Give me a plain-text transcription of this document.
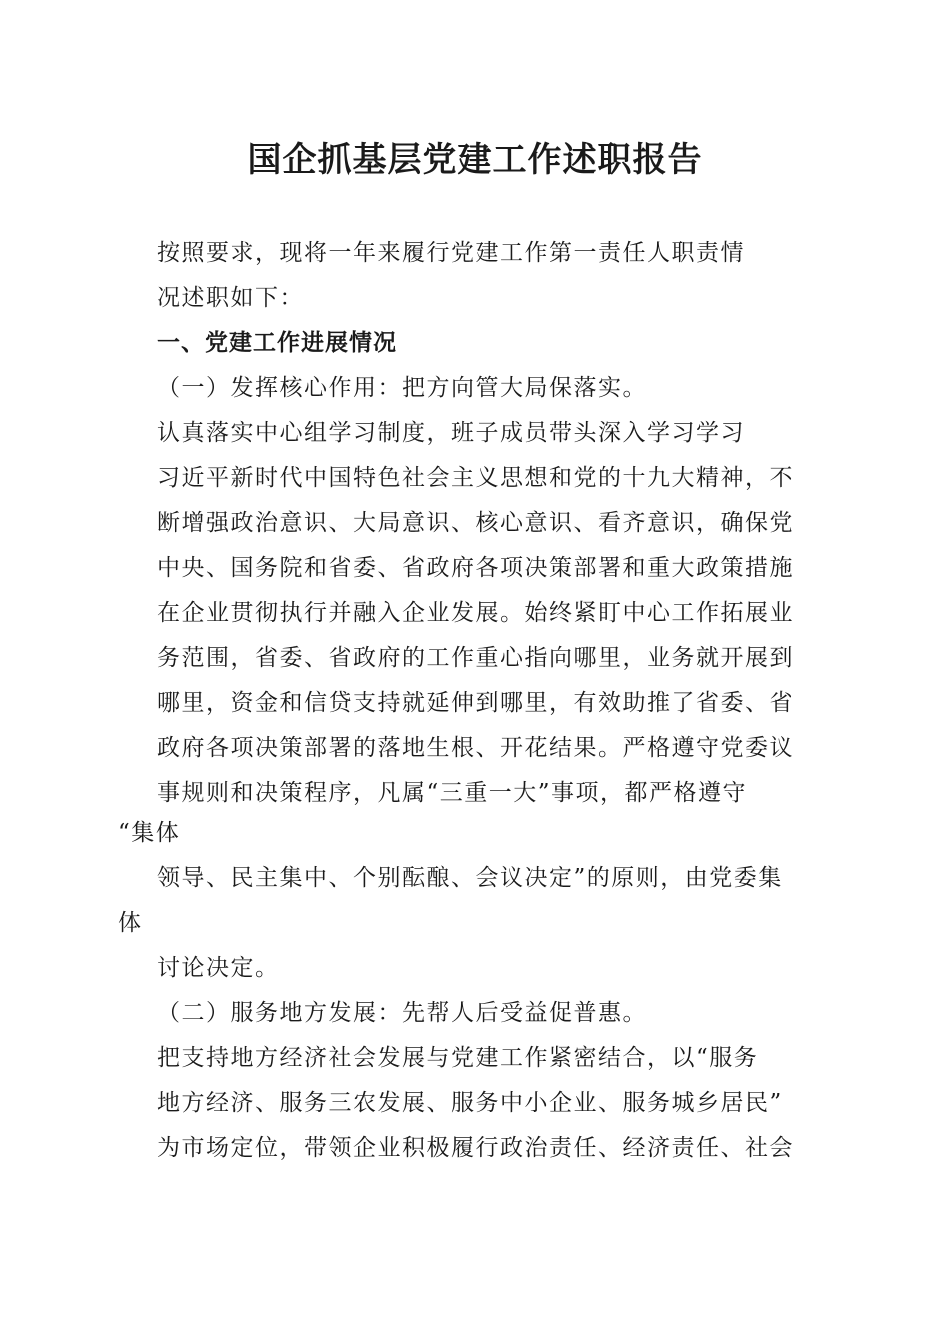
国企抓基层党建工作述职报告

按照要求，现将一年来履行党建工作第一责任人职责情

况述职如下：

一、党建工作进展情况

（一）发挥核心作用：把方向管大局保落实。

认真落实中心组学习制度，班子成员带头深入学习学习

习近平新时代中国特色社会主义思想和党的十九大精神，不

断增强政治意识、大局意识、核心意识、看齐意识，确保党

中央、国务院和省委、省政府各项决策部署和重大政策措施

在企业贯彻执行并融入企业发展。始终紧盯中心工作拓展业

务范围，省委、省政府的工作重心指向哪里，业务就开展到

哪里，资金和信贷支持就延伸到哪里，有效助推了省委、省

政府各项决策部署的落地生根、开花结果。严格遵守党委议

事规则和决策程序，凡属“三重一大”事项，都严格遵守

“集体

领导、民主集中、个别酝酿、会议决定”的原则，由党委集

体

讨论决定。

（二）服务地方发展：先帮人后受益促普惠。

把支持地方经济社会发展与党建工作紧密结合，以“服务

地方经济、服务三农发展、服务中小企业、服务城乡居民”

为市场定位，带领企业积极履行政治责任、经济责任、社会
